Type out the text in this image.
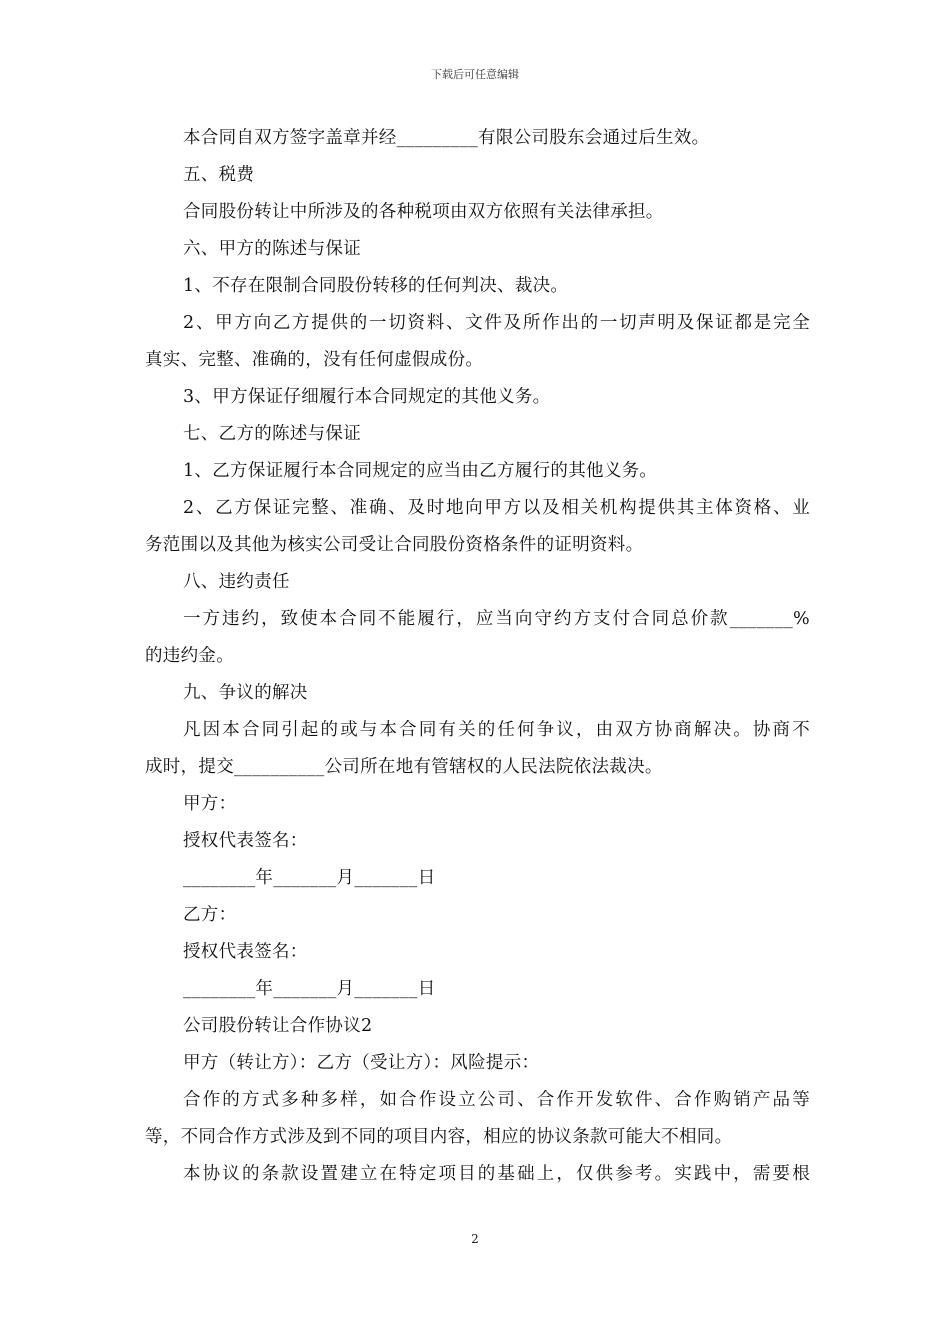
下载后可任意编辑
本合同自双方签字盖章并经_________有限公司股东会通过后生效。
五、税费
合同股份转让中所涉及的各种税项由双方依照有关法律承担。
六、甲方的陈述与保证
1、不存在限制合同股份转移的任何判决、裁决。
2、甲方向乙方提供的一切资料、文件及所作出的一切声明及保证都是完全
真实、完整、准确的，没有任何虚假成份。
3、甲方保证仔细履行本合同规定的其他义务。
七、乙方的陈述与保证
1、乙方保证履行本合同规定的应当由乙方履行的其他义务。
2、乙方保证完整、准确、及时地向甲方以及相关机构提供其主体资格、业
务范围以及其他为核实公司受让合同股份资格条件的证明资料。
八、违约责任
一方违约，致使本合同不能履行，应当向守约方支付合同总价款_______%
的违约金。
九、争议的解决
凡因本合同引起的或与本合同有关的任何争议，由双方协商解决。协商不
成时，提交__________公司所在地有管辖权的人民法院依法裁决。
甲方：
授权代表签名：
________年_______月_______日
乙方：
授权代表签名：
________年_______月_______日
公司股份转让合作协议2
甲方（转让方）：乙方（受让方）：风险提示：
合作的方式多种多样，如合作设立公司、合作开发软件、合作购销产品等
等，不同合作方式涉及到不同的项目内容，相应的协议条款可能大不相同。
本协议的条款设置建立在特定项目的基础上，仅供参考。实践中，需要根
2
